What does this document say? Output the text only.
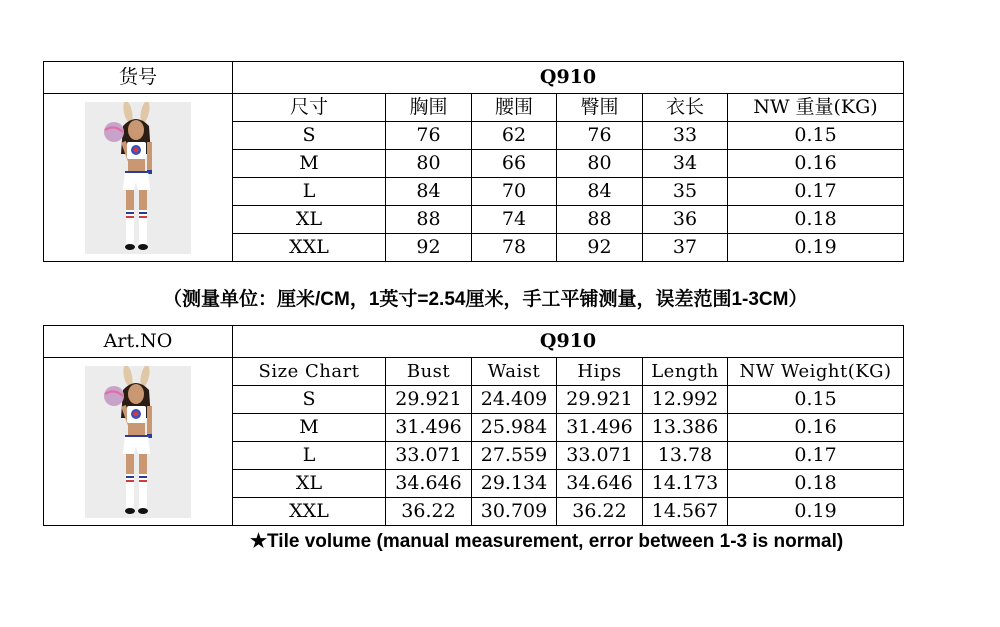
货号	Q910					

	尺寸	胸围	腰围	臀围	衣长	NW 重量(KG)
	S	76	62	76	33	0.15
	M	80	66	80	34	0.16
	L	84	70	84	35	0.17
	XL	88	74	88	36	0.18
	XXL	92	78	92	37	0.19
（测量单位：厘米/CM，1英寸=2.54厘米，手工平铺测量，误差范围1-3CM）
Art.NO	Q910					

	Size Chart	Bust	Waist	Hips	Length	NW Weight(KG)
	S	29.921	24.409	29.921	12.992	0.15
	M	31.496	25.984	31.496	13.386	0.16
	L	33.071	27.559	33.071	13.78	0.17
	XL	34.646	29.134	34.646	14.173	0.18
	XXL	36.22	30.709	36.22	14.567	0.19
★Tile volume (manual measurement, error between 1-3 is normal)
